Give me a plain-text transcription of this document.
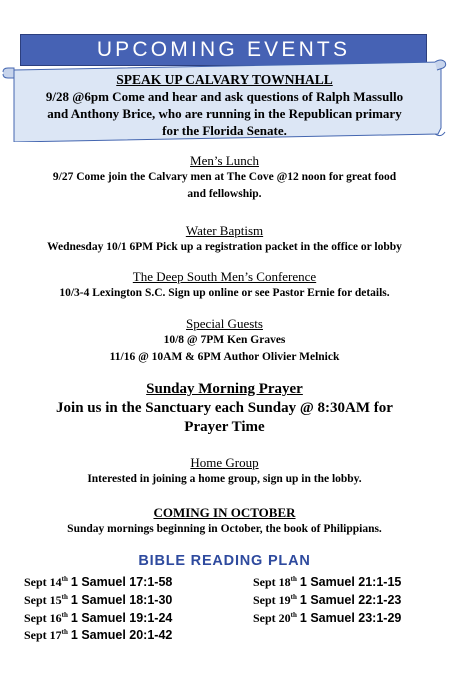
UPCOMING EVENTS
SPEAK UP CALVARY TOWNHALL
9/28 @6pm Come and hear and ask questions of Ralph Massullo
and Anthony Brice, who are running in the Republican primary
for the Florida Senate.
Men’s Lunch
9/27 Come join the Calvary men at The Cove @12 noon for great food
and fellowship.
Water Baptism
Wednesday 10/1 6PM Pick up a registration packet in the office or lobby
The Deep South Men’s Conference
10/3-4 Lexington S.C. Sign up online or see Pastor Ernie for details.
Special Guests
10/8 @ 7PM Ken Graves
11/16 @ 10AM & 6PM Author Olivier Melnick
Sunday Morning Prayer
Join us in the Sanctuary each Sunday @ 8:30AM for
Prayer Time
Home Group
Interested in joining a home group, sign up in the lobby.
COMING IN OCTOBER
Sunday mornings beginning in October, the book of Philippians.
BIBLE READING PLAN
Sept 14th 1 Samuel 17:1-58
Sept 15th 1 Samuel 18:1-30
Sept 16th 1 Samuel 19:1-24
Sept 17th 1 Samuel 20:1-42
Sept 18th 1 Samuel 21:1-15
Sept 19th 1 Samuel 22:1-23
Sept 20th 1 Samuel 23:1-29
